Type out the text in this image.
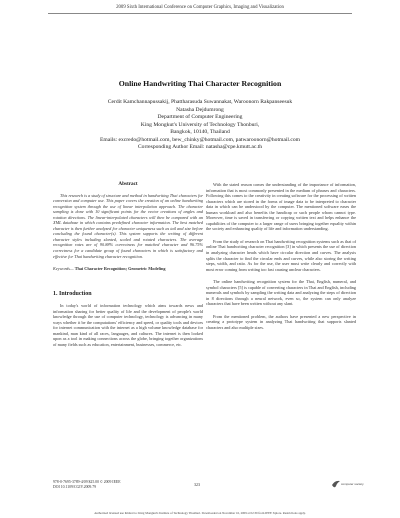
2009 Sixth International Conference on Computer Graphics, Imaging and Visualization
Online Handwriting Thai Character Recognition
Cerdit Kamchannapussakij, Phattharasuda Suwannakat, Waroonorn Rakpanseesuk
Natasha Dejdumrong
Department of Computer Engineering
King Mongkut's University of Technology Thonburi,
Bangkok, 10140, Thailand
Emails: excredo@hotmail.com, bew_chinky@hotmail.com, patwaroonorn@hotmail.com
Corresponding Author Email: natasha@cpe.kmutt.ac.th
Abstract

This research is a study of structure and method in handwriting Thai characters for conversion and computer use. This paper covers the creation of an online handwriting recognition system through the use of linear interpolation approach. The character sampling is done with 10 significant points for the vector creations of angles and rotation directions. The linear-interpolated characters will then be compared with an XML database in which contains predefined character information. The best matched character is then further analyzed for character uniqueness such as tail and size before concluding the found character(s). This system supports the writing of different character styles including slanted, scaled and rotated characters. The average recognition rates are of 90.88% correctness for matched character and 96.75% correctness for a candidate group of found characters in which is satisfactory and effective for Thai handwriting character recognition.

Keywords— Thai Character Recognition; Geometric Modeling

1. Introduction

In today's world of information technology which aims towards news and information sharing for better quality of life and the development of people's world knowledge through the use of computer technology, technology is advancing in many ways whether it be the computations' efficiency and speed, or quality tools and devices for internet communication with the internet as a high volume knowledge database for mankind, man kind of all races, languages, and cultures. The internet is then looked upon as a tool in making connections across the globe, bringing together organizations of many fields such as education, entertainment, businesses, commerce, etc.

With the stated reason comes the understanding of the importance of information, information that is most commonly presented in the medium of phrases and characters. Following this comes to the creativity in creating software for the processing of written characters which are stored in the forms of image data to be interpreted to character data in which can be understood by the computer. The mentioned software eases the human workload and also benefits the handicap or such people whom cannot type. Moreover, time is saved in transferring or copying written text and helps enhance the capabilities of the computer to a larger range of users bringing together equality within the society and enhancing quality of life and information understanding.

From the study of research on Thai handwriting recognition systems such as that of online Thai handwriting character recognition [3] in which presents the use of direction in analyzing character heads which have circular direction and curves. The analysis splits the character to find the circular ends and curves, while also storing the writing steps, width, and ratio. As for the use, the user must write clearly and correctly with most error coming from writing too fast causing unclear characters.

The online handwriting recognition system for the Thai, English, numeral, and symbol characters [5] is capable of converting characters in Thai and English, including numerals and symbols by sampling the writing data and analyzing the steps of direction in 8 directions through a neural network, even so, the system can only analyze characters that have been written without any slant.

From the mentioned problem, the authors have presented a new perspective in creating a prototype system in analyzing Thai handwriting that supports slanted characters and also multiple sizes.

978-0-7695-3789-4/09 $25.00 © 2009 IEEE
DOI 10.1109/CGIV.2009.79	323	computer society
Authorized licensed use limited to: King Mongkut's Institute of Technology Thonburi. Downloaded on November 16, 2009 at 02:39 from IEEE Xplore. Restrictions apply.
